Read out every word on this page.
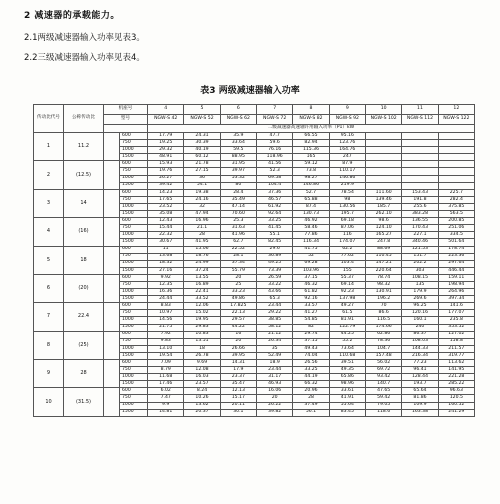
2 减速器的承载能力。
2.1两级减速器输入功率见表3。
2.2三级减速器输入功率见表4。
表3 两级减速器输入功率
传动比代号	公称传动比	机座号		4	5	6	7	8	9	10	11	12
		型号		NGW-S 42	NGW-S 52	NGW-S 62	NGW-S 72	NGW-S 82	NGW-S 92	NGW-S 102	NGW-S 112	NGW-S 122
				二级减速器高速轴许用输入功率（P1）kW								
1	11.2		600	17.79	24.31	35.9	47.7	66.55	95.16			
			750	19.25	30.39	33.64	59.6	82.94	123.76			
			1000	29.32	40.19	59.5	76.16	115.36	164.76			
			1500	48.91	60.12	88.95	118.96	165	247			
2	(12.5)		600	15.93	21.78	31.95	41.56	59.12	87.9			
			750	19.76	27.15	39.97	52.3	73.8	110.17			
			1000	26.27	36	53.32	69.58	98.27	146.86			
			1500	39.42	54.1	80	104.4	146.86	219.9			
3	14		600	14.23	19.38	28.4	37.36	52.7	78.54	111.60	153.43	225.7
			750	17.65	24.16	35.49	46.57	65.88	98	139.46	191.8	282.4
			1000	23.52	32	47.14	61.92	87.4	130.56	185.7	255.6	375.85
			1500	35.08	47.94	70.60	92.64	130.73	195.7	262.10	383.28	563.5
4	(16)		600	12.43	16.96	25.3	33.25	46.92	69.18	98.6	136.55	200.85
			750	15.44	21.1	31.63	41.45	58.46	87.06	124.10	170.43	251.06
			1000	22.32	28	41.96	55.1	77.86	116	165.27	227.1	334.5
			1500	30.67	41.95	62.7	82.45	116.34	174.07	247.8	340.46	501.64
5	18		600	11	15.06	22.52	29.6	41.75	62.2	88.69	121.53	178.74
			750	13.68	18.76	28.1	36.89	52	77.62	110.45	151.7	223.36
			1000	18.32	24.99	37.34	49.25	69.28	103.4	147.21	202.2	297.64
			1500	27.16	37.24	55.79	73.39	103.96	155	220.64	303	446.44
6	(20)		600	9.92	13.55	20	26.59	37.15	55.37	78.74	108.15	159.11
			750	12.35	16.89	25	33.22	46.32	69.14	98.32	135	198.94
			1000	16.36	22.41	33.23	43.66	61.82	92.23	130.91	179.9	264.96
			1500	24.44	33.52	49.86	65.3	92.16	137.98	196.2	269.6	397.34
7	22.4		600	8.83	12.06	17.825	23.44	33.57	49.27	70	96.25	141.6
			750	10.97	15.02	22.13	29.22	41.27	61.5	86.6	120.16	177.07
			1000	14.56	19.95	29.57	38.85	54.85	81.91	116.5	160.1	235.8
			1500	21.75	29.83	44.22	58.12	82	122.79	174.66	240	353.52
8	(25)		600	7.92	10.83	16	21.12	29.74	44.25	62.86	86.37	127.02
			750	9.83	13.51	20	26.34	37.15	55.2	78.36	108.03	158.8
			1000	13.10	18	26.66	35	49.43	73.64	104.7	144.33	211.57
			1500	19.54	26.78	39.95	52.49	74.04	110.68	157.48	216.34	319.77
9	28		600	7.09	9.69	14.31	18.9	26.56	39.51	56.02	77.23	113.62
			750	8.79	12.08	17.9	23.44	33.25	49.35	69.72	96.41	141.95
			1000	11.68	16.03	23.37	31.17	44.19	65.86	93.42	128.44	221.28
			1500	17.46	23.57	35.47	46.93	66.32	98.96	140.7	193.7	285.22
10	(31.5)		600	6.02	8.24	12.13	16.06	20.96	33.61	47.65	65.64	96.63
			750	7.47	10.26	15.17	20	28	41.91	59.42	81.86	120.5
			1000	9.9	13.62	20.11	26.22	37.49	55.64	79.05	109.9	160.52
			1500	14.81	20.37	30.1	39.82	56.1	83.45	118.6	163.38	241.29
